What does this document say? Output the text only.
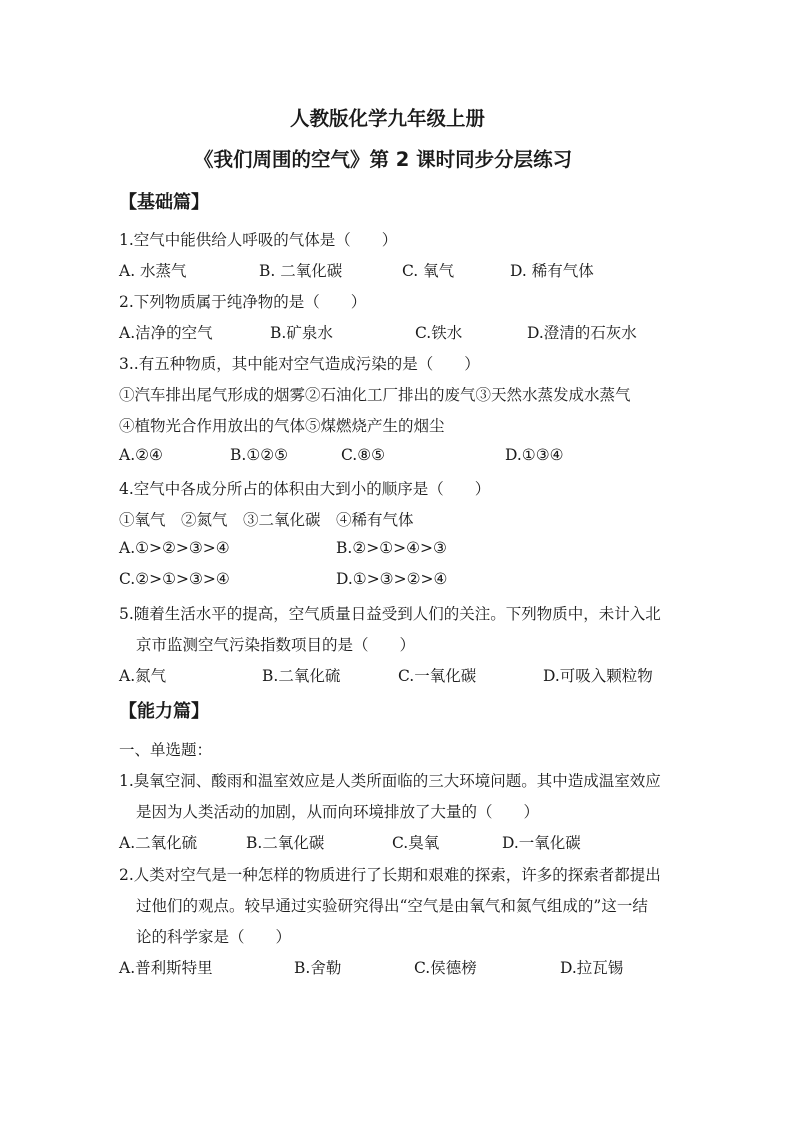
人教版化学九年级上册
《我们周围的空气》第 2 课时同步分层练习
【基础篇】
1.空气中能供给人呼吸的气体是（　　）
A. 水蒸气	B. 二氧化碳	C. 氧气	D. 稀有气体
2.下列物质属于纯净物的是（　　）
A.洁净的空气	B.矿泉水	C.铁水	D.澄清的石灰水
3..有五种物质，其中能对空气造成污染的是（　　）
①汽车排出尾气形成的烟雾②石油化工厂排出的废气③天然水蒸发成水蒸气
④植物光合作用放出的气体⑤煤燃烧产生的烟尘
A.②④	B.①②⑤	C.⑧⑤	D.①③④
4.空气中各成分所占的体积由大到小的顺序是（　　）
①氧气　②氮气　③二氧化碳　④稀有气体
A.①>②>③>④	B.②>①>④>③
C.②>①>③>④	D.①>③>②>④
5.随着生活水平的提高，空气质量日益受到人们的关注。下列物质中，未计入北
京市监测空气污染指数项目的是（　　）
A.氮气	B.二氧化硫	C.一氧化碳	D.可吸入颗粒物
【能力篇】
一、单选题：
1.臭氧空洞、酸雨和温室效应是人类所面临的三大环境问题。其中造成温室效应
是因为人类活动的加剧，从而向环境排放了大量的（　　）
A.二氧化硫	B.二氧化碳	C.臭氧	D.一氧化碳
2.人类对空气是一种怎样的物质进行了长期和艰难的探索，许多的探索者都提出
过他们的观点。较早通过实验研究得出“空气是由氧气和氮气组成的”这一结
论的科学家是（　　）
A.普利斯特里	B.舍勒	C.侯德榜	D.拉瓦锡
